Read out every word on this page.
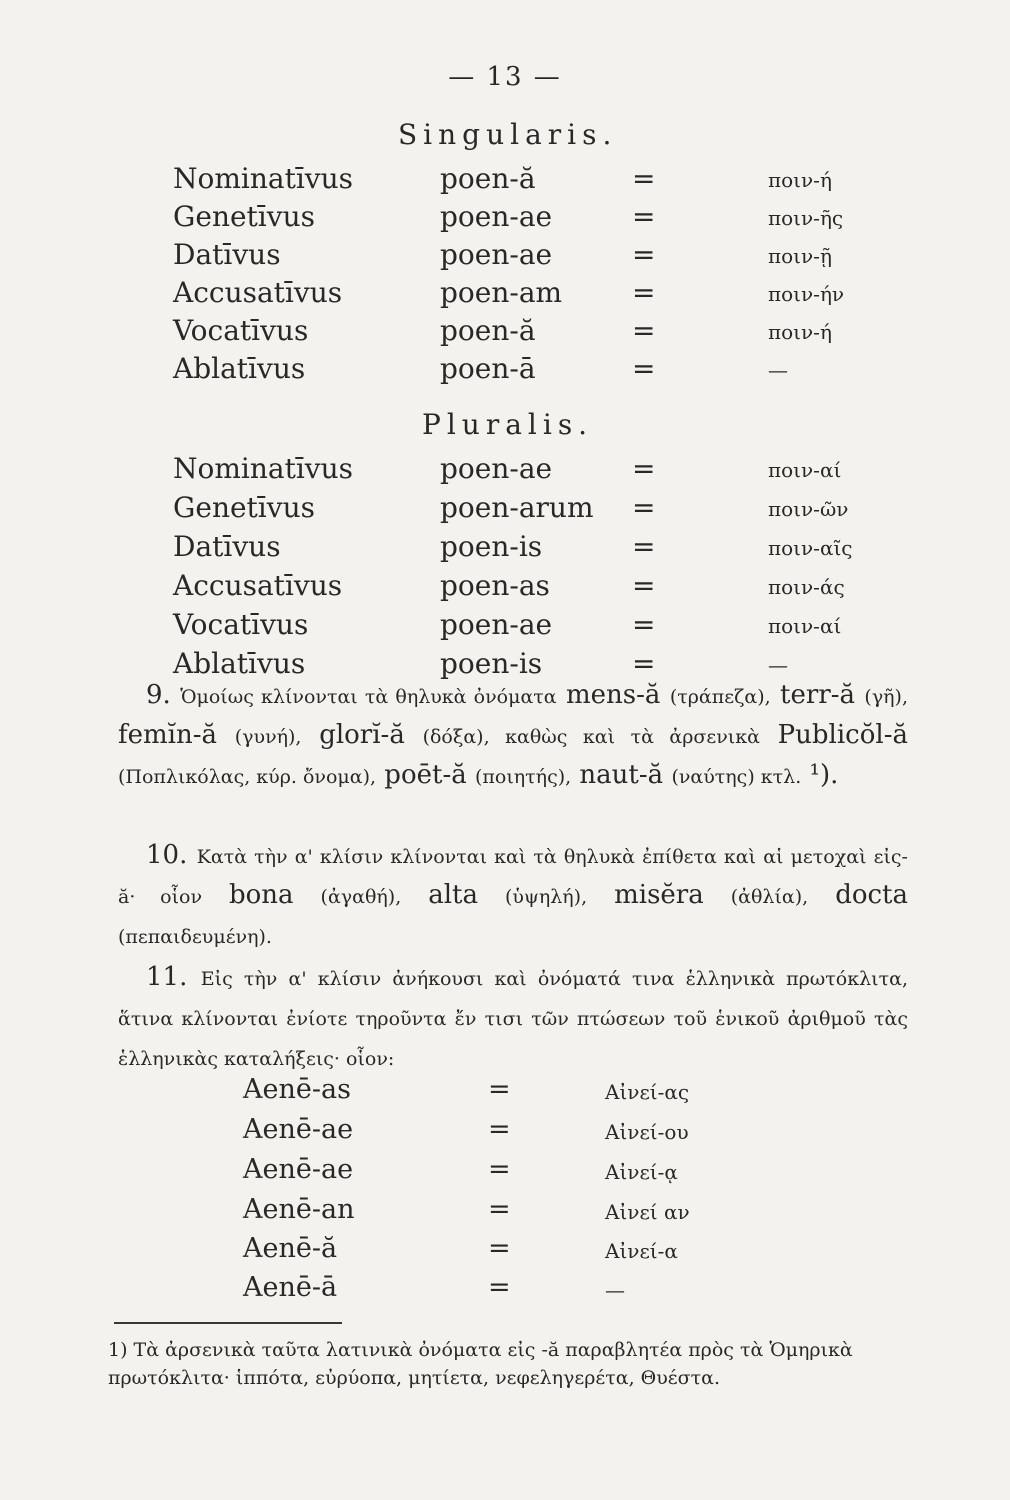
— 13 —
Singularis.
Nominatīvus	poen-ă	=	ποιν-ή
Genetīvus	poen-ae	=	ποιν-ῆς
Datīvus	poen-ae	=	ποιν-ῇ
Accusatīvus	poen-am =	ποιν-ήν
Vocatīvus	poen-ă	=	ποιν-ή
Ablatīvus	poen-ā	=	—
Pluralis.
Nominatīvus	poen-ae	=	ποιν-αί
Genetīvus	poen-arum =	ποιν-ῶν
Datīvus	poen-is	=	ποιν-αῖς
Accusatīvus	poen-as	=	ποιν-άς
Vocatīvus	poen-ae	=	ποιν-αί
Ablatīvus	poen-is	=	—

9. Ὁμοίως κλίνονται τὰ θηλυκὰ ὀνόματα mens-ă (τράπεζα), terr-ă (γῆ), femĭn-ă (γυνή), glorĭ-ă (δόξα), καθὼς καὶ τὰ ἀρσενικὰ Publicŏl-ă (Ποπλικόλας, κύρ. ὄνομα), poēt-ă (ποιητής), naut-ă (ναύτης) κτλ. ¹).

10. Κατὰ τὴν α' κλίσιν κλίνονται καὶ τὰ θηλυκὰ ἐπίθετα καὶ αἱ μετοχαὶ εἰς-ă· οἷον bona (ἀγαθή), alta (ὑψηλή), misĕra (ἀθλία), docta (πεπαιδευμένη).

11. Εἰς τὴν α' κλίσιν ἀνήκουσι καὶ ὀνόματά τινα ἑλληνικὰ πρωτόκλιτα, ἅτινα κλίνονται ἐνίοτε τηροῦντα ἔν τισι τῶν πτώσεων τοῦ ἑνικοῦ ἀριθμοῦ τὰς ἑλληνικὰς καταλήξεις· οἷον:

Aenē-as	=	Αἰνεί-ας
Aenē-ae	=	Αἰνεί-ου
Aenē-ae	=	Αἰνεί-ᾳ
Aenē-an	=	Αἰνεί αν
Aenē-ă	=	Αἰνεί-α
Aenē-ā	=	—
1) Τὰ ἀρσενικὰ ταῦτα λατινικὰ ὀνόματα εἰς -ă παραβλητέα πρὸς τὰ Ὁμηρικὰ πρωτόκλιτα· ἱππότα, εὐρύοπα, μητίετα, νεφεληγερέτα, Θυέστα.
